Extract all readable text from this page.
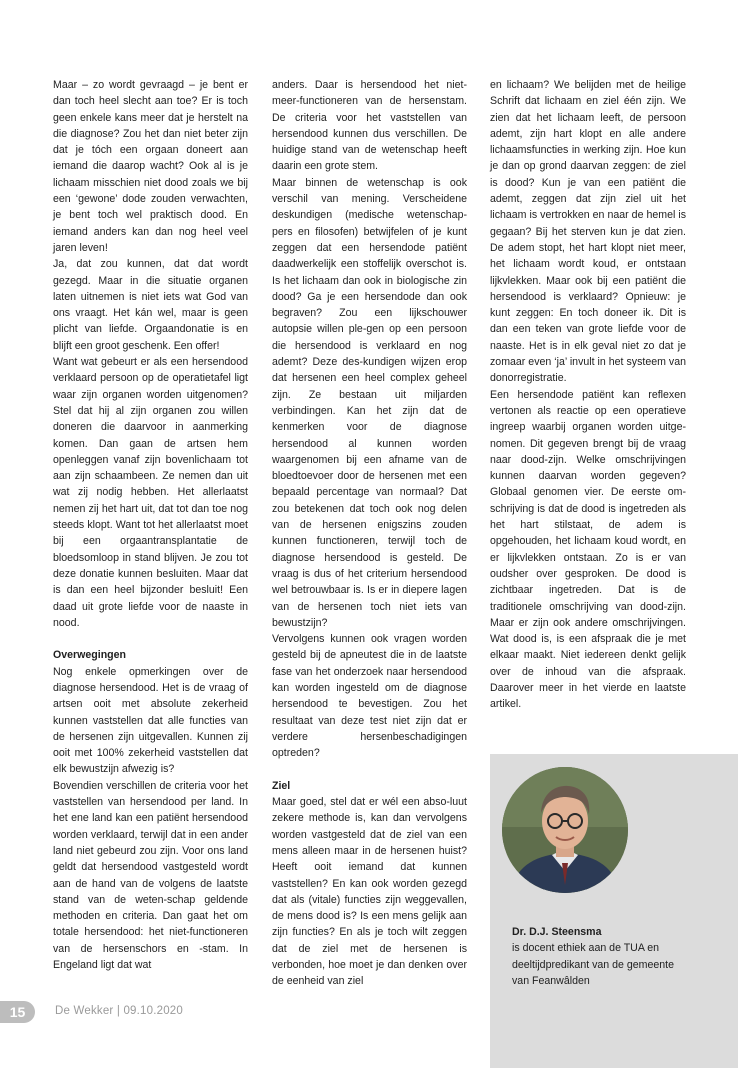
Maar – zo wordt gevraagd – je bent er dan toch heel slecht aan toe? Er is toch geen enkele kans meer dat je herstelt na die diagnose? Zou het dan niet beter zijn dat je tóch een orgaan doneert aan iemand die daarop wacht? Ook al is je lichaam misschien niet dood zoals we bij een ‘gewone’ dode zouden verwachten, je bent toch wel praktisch dood. En iemand anders kan dan nog heel veel jaren leven!

Ja, dat zou kunnen, dat dat wordt gezegd. Maar in die situatie organen laten uitnemen is niet iets wat God van ons vraagt. Het kán wel, maar is geen plicht van liefde. Orgaandonatie is en blijft een groot geschenk. Een offer!

Want wat gebeurt er als een hersendood verklaard persoon op de operatietafel ligt waar zijn organen worden uitgenomen? Stel dat hij al zijn organen zou willen doneren die daarvoor in aanmerking komen. Dan gaan de artsen hem openleggen vanaf zijn bovenlichaam tot aan zijn schaambeen. Ze nemen dan uit wat zij nodig hebben. Het allerlaatst nemen zij het hart uit, dat tot dan toe nog steeds klopt. Want tot het allerlaatst moet bij een orgaantransplantatie de bloedsomloop in stand blijven. Je zou tot deze donatie kunnen besluiten. Maar dat is dan een heel bijzonder besluit! Een daad uit grote liefde voor de naaste in nood.

Overwegingen

Nog enkele opmerkingen over de diagnose hersendood. Het is de vraag of artsen ooit met absolute zekerheid kunnen vaststellen dat alle functies van de hersenen zijn uitgevallen. Kunnen zij ooit met 100% zekerheid vaststellen dat elk bewustzijn afwezig is?

Bovendien verschillen de criteria voor het vaststellen van hersendood per land. In het ene land kan een patiënt hersendood worden verklaard, terwijl dat in een ander land niet gebeurd zou zijn. Voor ons land geldt dat hersendood vastgesteld wordt aan de hand van de volgens de laatste stand van de weten-schap geldende methoden en criteria. Dan gaat het om totale hersendood: het niet-functioneren van de hersenschors en -stam. In Engeland ligt dat wat

anders. Daar is hersendood het niet-meer-functioneren van de hersenstam. De criteria voor het vaststellen van hersendood kunnen dus verschillen. De huidige stand van de wetenschap heeft daarin een grote stem.

Maar binnen de wetenschap is ook verschil van mening. Verscheidene deskundigen (medische wetenschap-pers en filosofen) betwijfelen of je kunt zeggen dat een hersendode patiënt daadwerkelijk een stoffelijk overschot is. Is het lichaam dan ook in biologische zin dood? Ga je een hersendode dan ook begraven? Zou een lijkschouwer autopsie willen ple-gen op een persoon die hersendood is verklaard en nog ademt? Deze des-kundigen wijzen erop dat hersenen een heel complex geheel zijn. Ze bestaan uit miljarden verbindingen. Kan het zijn dat de kenmerken voor de diagnose hersendood al kunnen worden waargenomen bij een afname van de bloedtoevoer door de hersenen met een bepaald percentage van normaal? Dat zou betekenen dat toch ook nog delen van de hersenen enigszins zouden kunnen functioneren, terwijl toch de diagnose hersendood is gesteld. De vraag is dus of het criterium hersendood wel betrouwbaar is. Is er in diepere lagen van de hersenen toch niet iets van bewustzijn?

Vervolgens kunnen ook vragen worden gesteld bij de apneutest die in de laatste fase van het onderzoek naar hersendood kan worden ingesteld om de diagnose hersendood te bevestigen. Zou het resultaat van deze test niet zijn dat er verdere hersenbeschadigingen optreden?

Ziel

Maar goed, stel dat er wél een abso-luut zekere methode is, kan dan vervolgens worden vastgesteld dat de ziel van een mens alleen maar in de hersenen huist? Heeft ooit iemand dat kunnen vaststellen? En kan ook worden gezegd dat als (vitale) functies zijn weggevallen, de mens dood is? Is een mens gelijk aan zijn functies? En als je toch wilt zeggen dat de ziel met de hersenen is verbonden, hoe moet je dan denken over de eenheid van ziel

en lichaam? We belijden met de heilige Schrift dat lichaam en ziel één zijn. We zien dat het lichaam leeft, de persoon ademt, zijn hart klopt en alle andere lichaamsfuncties in werking zijn. Hoe kun je dan op grond daarvan zeggen: de ziel is dood? Kun je van een patiënt die ademt, zeggen dat zijn ziel uit het lichaam is vertrokken en naar de hemel is gegaan? Bij het sterven kun je dat zien. De adem stopt, het hart klopt niet meer, het lichaam wordt koud, er ontstaan lijkvlekken. Maar ook bij een patiënt die hersendood is verklaard? Opnieuw: je kunt zeggen: En toch doneer ik. Dit is dan een teken van grote liefde voor de naaste. Het is in elk geval niet zo dat je zomaar even ‘ja’ invult in het systeem van donorregistratie.

Een hersendode patiënt kan reflexen vertonen als reactie op een operatieve ingreep waarbij organen worden uitge-nomen. Dit gegeven brengt bij de vraag naar dood-zijn. Welke omschrijvingen kunnen daarvan worden gegeven? Globaal genomen vier. De eerste om-schrijving is dat de dood is ingetreden als het hart stilstaat, de adem is opgehouden, het lichaam koud wordt, en er lijkvlekken ontstaan. Zo is er van oudsher over gesproken. De dood is zichtbaar ingetreden. Dat is de traditionele omschrijving van dood-zijn. Maar er zijn ook andere omschrijvingen. Wat dood is, is een afspraak die je met elkaar maakt. Niet iedereen denkt gelijk over de inhoud van die afspraak. Daarover meer in het vierde en laatste artikel.

Dr. D.J. Steensma
is docent ethiek aan de TUA en
deeltijdpredikant van de gemeente
van Feanwâlden
15	De Wekker | 09.10.2020
